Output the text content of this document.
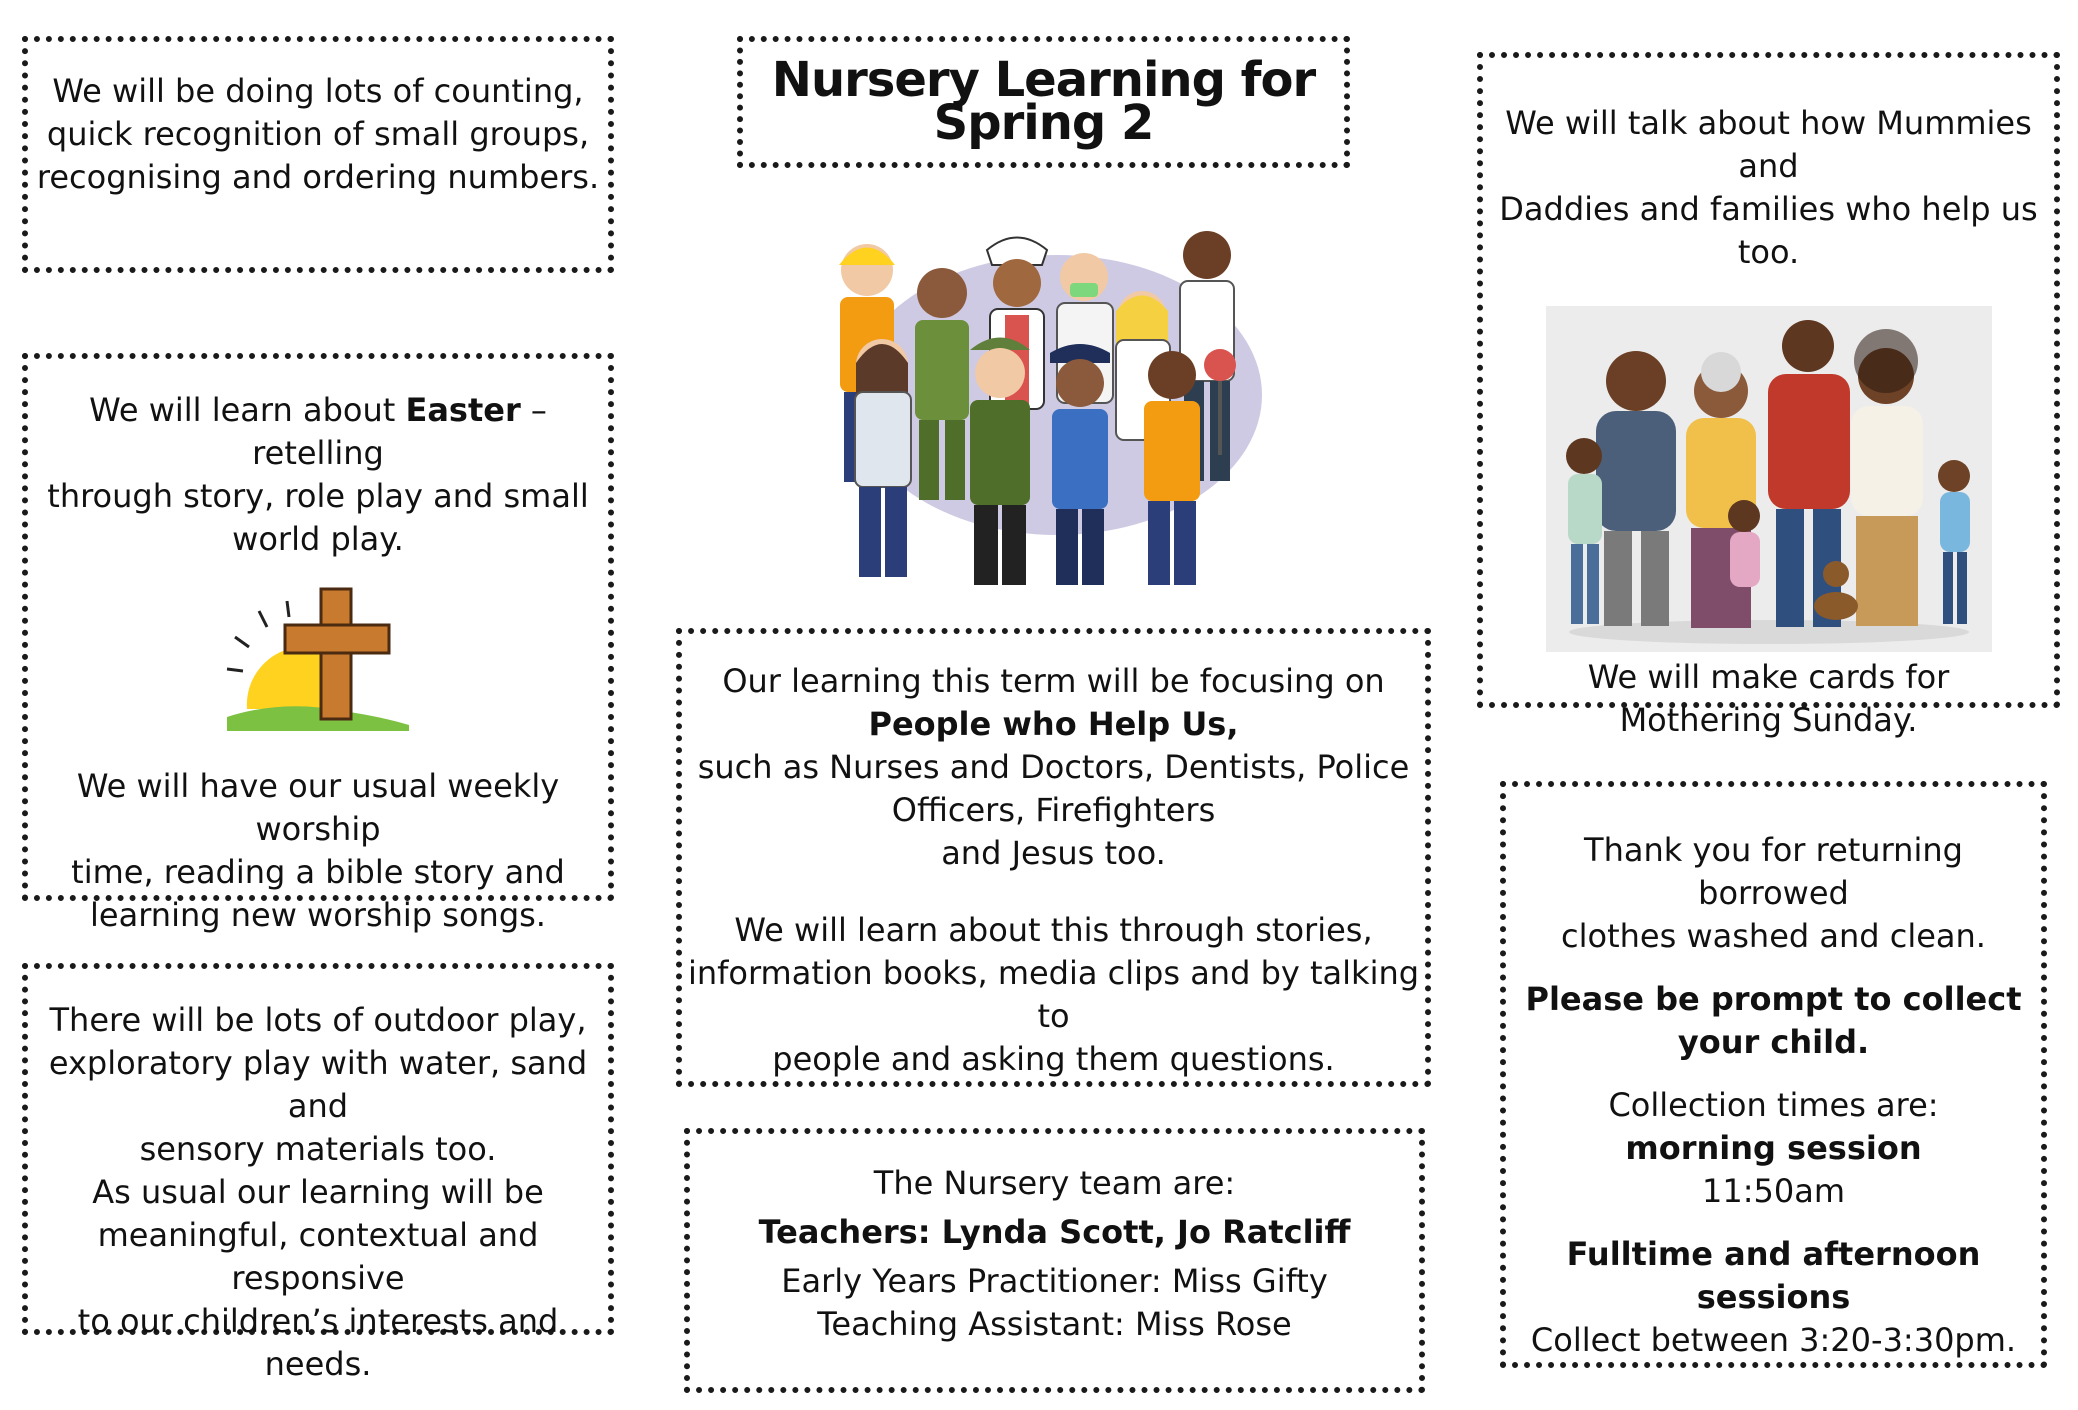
We will be doing lots of counting,

quick recognition of small groups,

recognising and ordering numbers.

Nursery Learning for Spring 2	We will talk about how Mummies and

Daddies and families who help us too.

We will make cards for

Mothering Sunday.

We will learn about Easter – retelling

through story, role play and small

world play.

We will have our usual weekly worship

time, reading a bible story and

learning new worship songs.

There will be lots of outdoor play,

exploratory play with water, sand and

sensory materials too.

As usual our learning will be

meaningful, contextual and responsive

to our children’s interests and needs.

Our learning this term will be focusing on

People who Help Us,

such as Nurses and Doctors, Dentists, Police

Officers, Firefighters

and Jesus too.

We will learn about this through stories,

information books, media clips and by talking to

people and asking them questions.

The Nursery team are:

Teachers: Lynda Scott, Jo Ratcliff

Early Years Practitioner: Miss Gifty

Teaching Assistant: Miss Rose

Thank you for returning borrowed

clothes washed and clean.

Please be prompt to collect

your child.

Collection times are:

morning session

11:50am

Fulltime and afternoon sessions

Collect between 3:20-3:30pm.
